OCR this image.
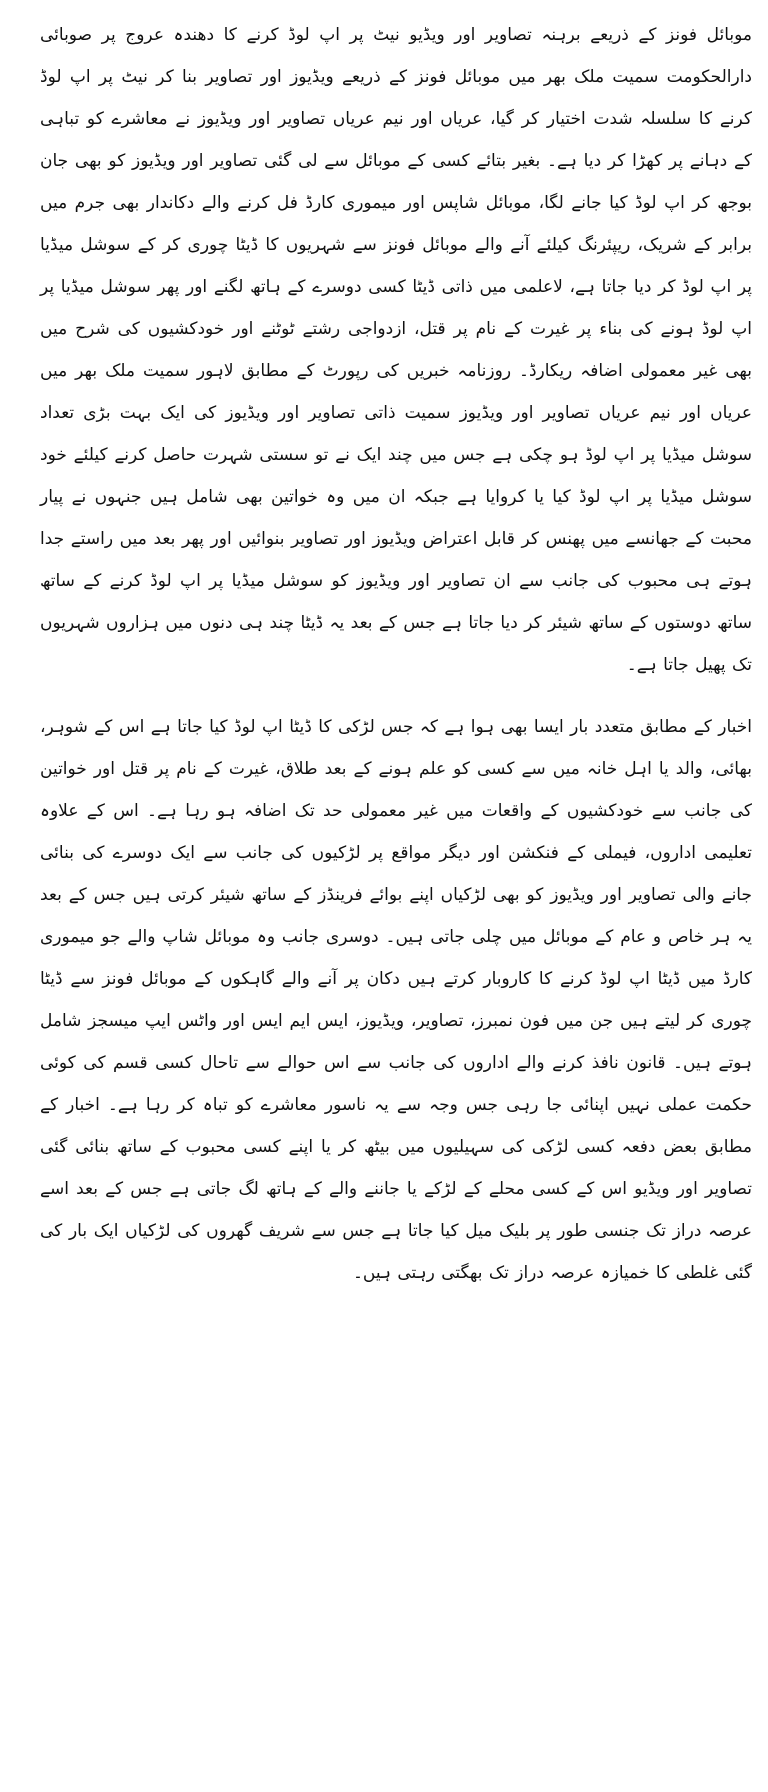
موبائل فونز کے ذریعے برہنہ تصاویر اور ویڈیو نیٹ پر اپ لوڈ کرنے کا دھندہ عروج پر صوبائی دارالحکومت سمیت ملک بھر میں موبائل فونز کے ذریعے ویڈیوز اور تصاویر بنا کر نیٹ پر اپ لوڈ کرنے کا سلسلہ شدت اختیار کر گیا، عریاں اور نیم عریاں تصاویر اور ویڈیوز نے معاشرے کو تباہی کے دہانے پر کھڑا کر دیا ہے۔ بغیر بتائے کسی کے موبائل سے لی گئی تصاویر اور ویڈیوز کو بھی جان بوجھ کر اپ لوڈ کیا جانے لگا، موبائل شاپس اور میموری کارڈ فل کرنے والے دکاندار بھی جرم میں برابر کے شریک، ریپئرنگ کیلئے آنے والے موبائل فونز سے شہریوں کا ڈیٹا چوری کر کے سوشل میڈیا پر اپ لوڈ کر دیا جاتا ہے، لاعلمی میں ذاتی ڈیٹا کسی دوسرے کے ہاتھ لگنے اور پھر سوشل میڈیا پر اپ لوڈ ہونے کی بناء پر غیرت کے نام پر قتل، ازدواجی رشتے ٹوٹنے اور خودکشیوں کی شرح میں بھی غیر معمولی اضافہ ریکارڈ۔ روزنامہ خبریں کی رپورٹ کے مطابق لاہور سمیت ملک بھر میں عریاں اور نیم عریاں تصاویر اور ویڈیوز سمیت ذاتی تصاویر اور ویڈیوز کی ایک بہت بڑی تعداد سوشل میڈیا پر اپ لوڈ ہو چکی ہے جس میں چند ایک نے تو سستی شہرت حاصل کرنے کیلئے خود سوشل میڈیا پر اپ لوڈ کیا یا کروایا ہے جبکہ ان میں وہ خواتین بھی شامل ہیں جنہوں نے پیار محبت کے جھانسے میں پھنس کر قابل اعتراض ویڈیوز اور تصاویر بنوائیں اور پھر بعد میں راستے جدا ہوتے ہی محبوب کی جانب سے ان تصاویر اور ویڈیوز کو سوشل میڈیا پر اپ لوڈ کرنے کے ساتھ ساتھ دوستوں کے ساتھ شیئر کر دیا جاتا ہے جس کے بعد یہ ڈیٹا چند ہی دنوں میں ہزاروں شہریوں تک پھیل جاتا ہے۔

اخبار کے مطابق متعدد بار ایسا بھی ہوا ہے کہ جس لڑکی کا ڈیٹا اپ لوڈ کیا جاتا ہے اس کے شوہر، بھائی، والد یا اہل خانہ میں سے کسی کو علم ہونے کے بعد طلاق، غیرت کے نام پر قتل اور خواتین کی جانب سے خودکشیوں کے واقعات میں غیر معمولی حد تک اضافہ ہو رہا ہے۔ اس کے علاوہ تعلیمی اداروں، فیملی کے فنکشن اور دیگر مواقع پر لڑکیوں کی جانب سے ایک دوسرے کی بنائی جانے والی تصاویر اور ویڈیوز کو بھی لڑکیاں اپنے بوائے فرینڈز کے ساتھ شیئر کرتی ہیں جس کے بعد یہ ہر خاص و عام کے موبائل میں چلی جاتی ہیں۔ دوسری جانب وہ موبائل شاپ والے جو میموری کارڈ میں ڈیٹا اپ لوڈ کرنے کا کاروبار کرتے ہیں دکان پر آنے والے گاہکوں کے موبائل فونز سے ڈیٹا چوری کر لیتے ہیں جن میں فون نمبرز، تصاویر، ویڈیوز، ایس ایم ایس اور واٹس ایپ میسجز شامل ہوتے ہیں۔ قانون نافذ کرنے والے اداروں کی جانب سے اس حوالے سے تاحال کسی قسم کی کوئی حکمت عملی نہیں اپنائی جا رہی جس وجہ سے یہ ناسور معاشرے کو تباہ کر رہا ہے۔ اخبار کے مطابق بعض دفعہ کسی لڑکی کی سہیلیوں میں بیٹھ کر یا اپنے کسی محبوب کے ساتھ بنائی گئی تصاویر اور ویڈیو اس کے کسی محلے کے لڑکے یا جاننے والے کے ہاتھ لگ جاتی ہے جس کے بعد اسے عرصہ دراز تک جنسی طور پر بلیک میل کیا جاتا ہے جس سے شریف گھروں کی لڑکیاں ایک بار کی گئی غلطی کا خمیازہ عرصہ دراز تک بھگتی رہتی ہیں۔
